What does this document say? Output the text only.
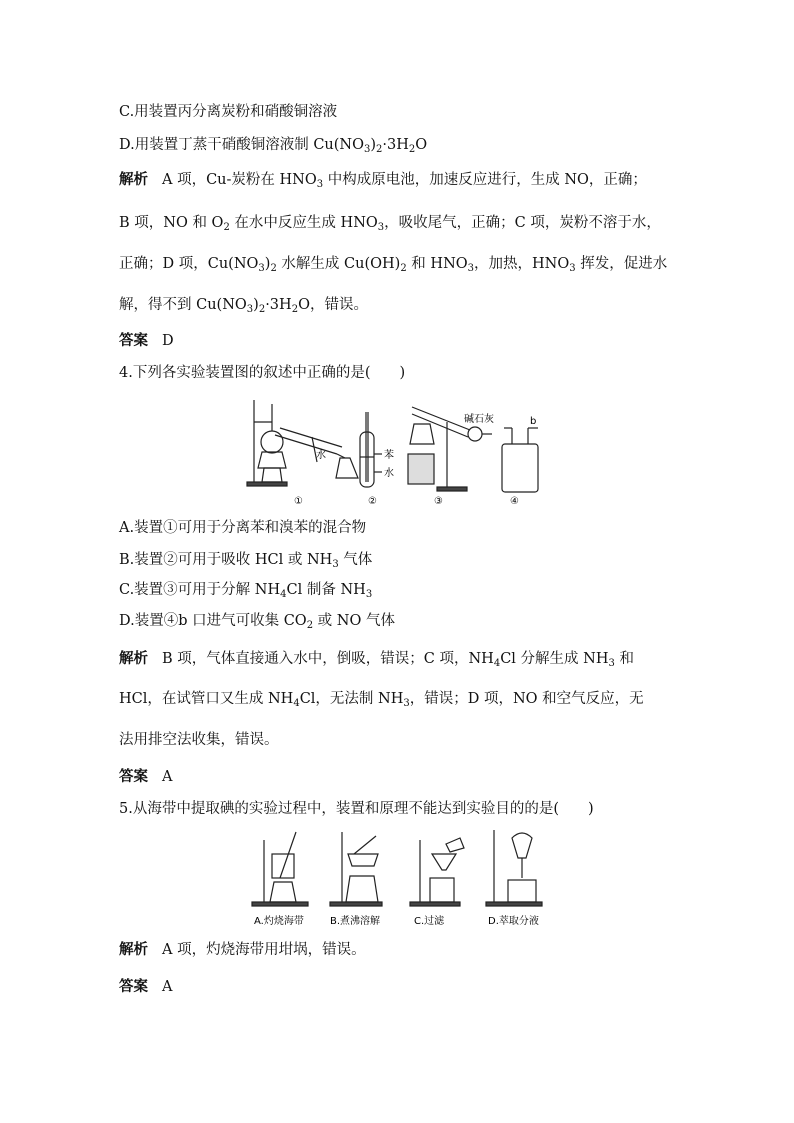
C.用装置丙分离炭粉和硝酸铜溶液
D.用装置丁蒸干硝酸铜溶液制 $Cu(NO_3)_2\cdot 3H_2O$
解析 A 项，Cu-炭粉在 $HNO_3$ 中构成原电池，加速反应进行，生成 NO，正确；
B 项，NO 和 $O_2$ 在水中反应生成 $HNO_3$，吸收尾气，正确；C 项，炭粉不溶于水，
正确；D 项，$Cu(NO_3)_2$ 水解生成 $Cu(OH)_2$ 和 $HNO_3$，加热，$HNO_3$ 挥发，促进水
解，得不到 $Cu(NO_3)_2\cdot 3H_2O$，错误。
答案 D
4.下列各实验装置图的叙述中正确的是(　　)
水	苯
水
碱石灰	b
①	②	③	④
A.装置①可用于分离苯和溴苯的混合物
B.装置②可用于吸收 HCl 或 $NH_3$ 气体
C.装置③可用于分解 $NH_4Cl$ 制备 $NH_3$
D.装置④b 口进气可收集 $CO_2$ 或 NO 气体
解析 B 项，气体直接通入水中，倒吸，错误；C 项，$NH_4Cl$ 分解生成 $NH_3$ 和
HCl，在试管口又生成 $NH_4Cl$，无法制 $NH_3$，错误；D 项，NO 和空气反应，无
法用排空法收集，错误。
答案 A
5.从海带中提取碘的实验过程中，装置和原理不能达到实验目的的是(　　)
A.灼烧海带	B.煮沸溶解	C.过滤	D.萃取分液
解析 A 项，灼烧海带用坩埚，错误。
答案 A
